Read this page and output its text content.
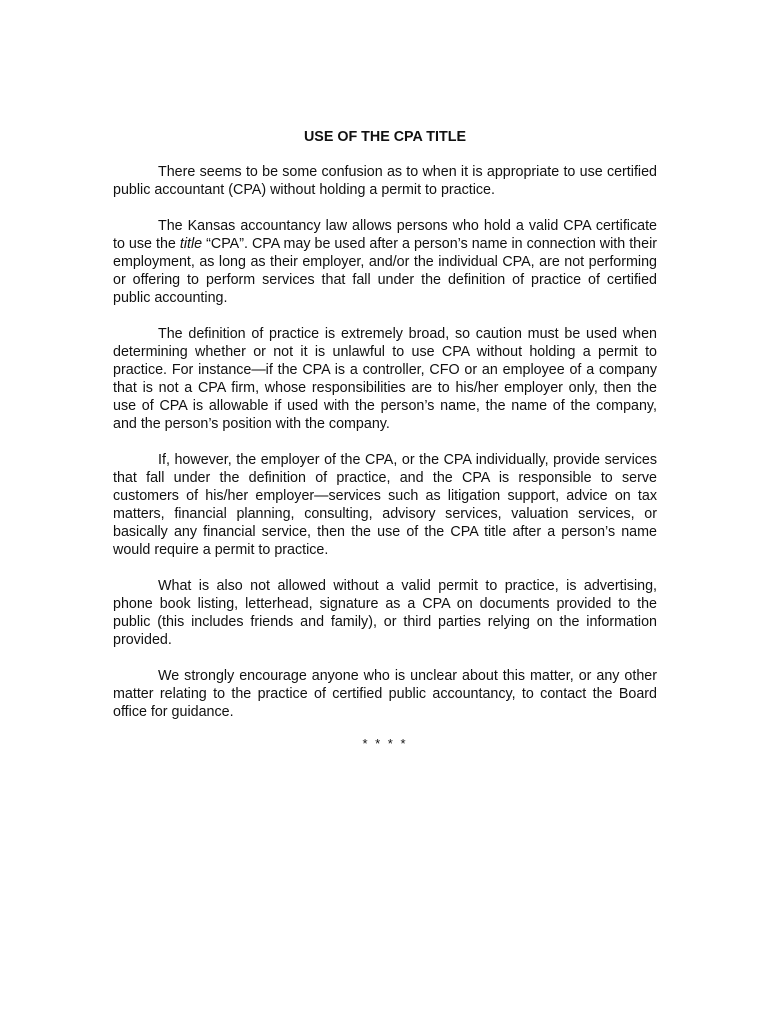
USE OF THE CPA TITLE

There seems to be some confusion as to when it is appropriate to use certified public accountant (CPA) without holding a permit to practice.

The Kansas accountancy law allows persons who hold a valid CPA certificate to use the title “CPA”. CPA may be used after a person’s name in connection with their employment, as long as their employer, and/or the individual CPA, are not performing or offering to perform services that fall under the definition of practice of certified public accounting.

The definition of practice is extremely broad, so caution must be used when determining whether or not it is unlawful to use CPA without holding a permit to practice. For instance—if the CPA is a controller, CFO or an employee of a company that is not a CPA firm, whose responsibilities are to his/her employer only, then the use of CPA is allowable if used with the person’s name, the name of the company, and the person’s position with the company.

If, however, the employer of the CPA, or the CPA individually, provide services that fall under the definition of practice, and the CPA is responsible to serve customers of his/her employer—services such as litigation support, advice on tax matters, financial planning, consulting, advisory services, valuation services, or basically any financial service, then the use of the CPA title after a person’s name would require a permit to practice.

What is also not allowed without a valid permit to practice, is advertising, phone book listing, letterhead, signature as a CPA on documents provided to the public (this includes friends and family), or third parties relying on the information provided.

We strongly encourage anyone who is unclear about this matter, or any other matter relating to the practice of certified public accountancy, to contact the Board office for guidance.

* * * *
